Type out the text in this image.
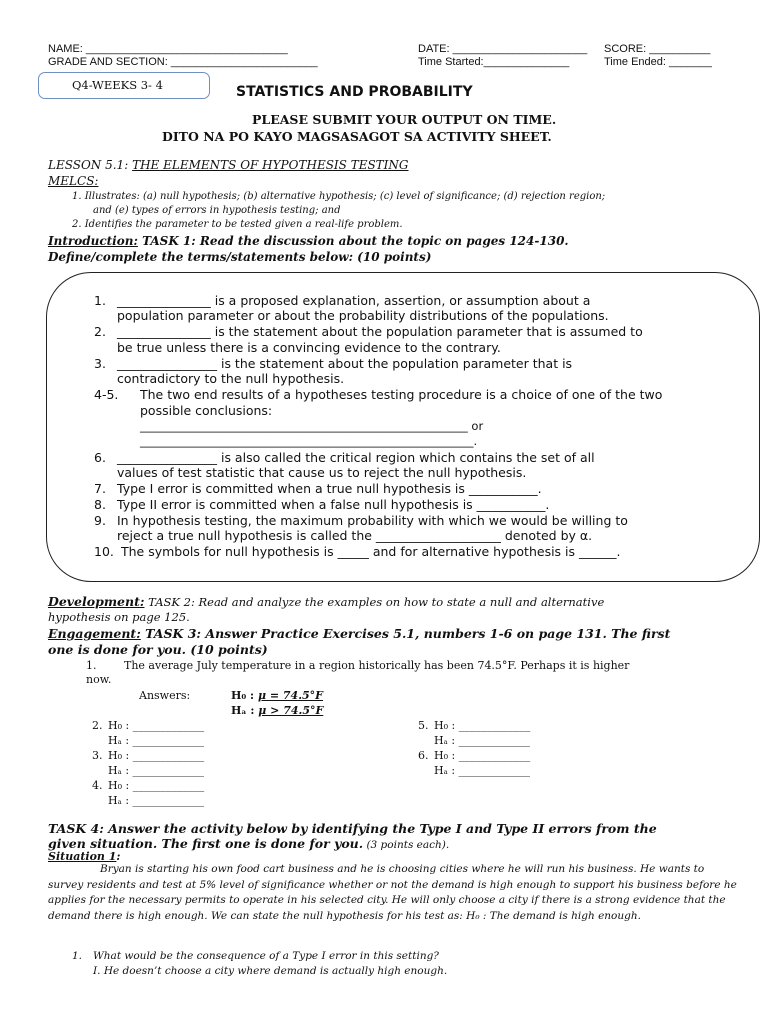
NAME: _________________________________
GRADE AND SECTION: ________________________
DATE: ______________________
Time Started:______________
SCORE: __________
Time Ended: _______
Q4-WEEKS 3- 4	STATISTICS AND PROBABILITY
PLEASE SUBMIT YOUR OUTPUT ON TIME.
DITO NA PO KAYO MAGSASAGOT SA ACTIVITY SHEET.
LESSON 5.1: THE ELEMENTS OF HYPOTHESIS TESTING
MELCS:
1. Illustrates: (a) null hypothesis; (b) alternative hypothesis; (c) level of significance; (d) rejection region;
and (e) types of errors in hypothesis testing; and
2. Identifies the parameter to be tested given a real-life problem.
Introduction: TASK 1: Read the discussion about the topic on pages 124-130.
Define/complete the terms/statements below: (10 points)
1. _______________ is a proposed explanation, assertion, or assumption about a
population parameter or about the probability distributions of the populations.
2. _______________ is the statement about the population parameter that is assumed to
be true unless there is a convincing evidence to the contrary.
3. ________________ is the statement about the population parameter that is
contradictory to the null hypothesis.
4-5. The two end results of a hypotheses testing procedure is a choice of one of the two
possible conclusions:
_________________________________________________________ or
__________________________________________________________.
6. ________________ is also called the critical region which contains the set of all
values of test statistic that cause us to reject the null hypothesis.
7. Type I error is committed when a true null hypothesis is ___________.
8. Type II error is committed when a false null hypothesis is ___________.
9. In hypothesis testing, the maximum probability with which we would be willing to
reject a true null hypothesis is called the ____________________ denoted by α.
10. The symbols for null hypothesis is _____ and for alternative hypothesis is ______.
Development: TASK 2: Read and analyze the examples on how to state a null and alternative
hypothesis on page 125.
Engagement: TASK 3: Answer Practice Exercises 5.1, numbers 1-6 on page 131. The first
one is done for you. (10 points)
1.	The average July temperature in a region historically has been 74.5°F. Perhaps it is higher
now.
Answers:	H₀ : μ = 74.5°F
Hₐ : μ > 74.5°F
2. H₀ : _____________
Hₐ : _____________
3. H₀ : _____________
Hₐ : _____________
4. H₀ : _____________
Hₐ : _____________
5. H₀ : _____________
Hₐ : _____________
6. H₀ : _____________
Hₐ : _____________
TASK 4: Answer the activity below by identifying the Type I and Type II errors from the
given situation. The first one is done for you. (3 points each).
Situation 1:
Bryan is starting his own food cart business and he is choosing cities where he will run his business. He wants to survey residents and test at 5% level of significance whether or not the demand is high enough to support his business before he applies for the necessary permits to operate in his selected city. He will only choose a city if there is a strong evidence that the demand there is high enough. We can state the null hypothesis for his test as: H₀ : The demand is high enough.
1. What would be the consequence of a Type I error in this setting?
I. He doesn’t choose a city where demand is actually high enough.
